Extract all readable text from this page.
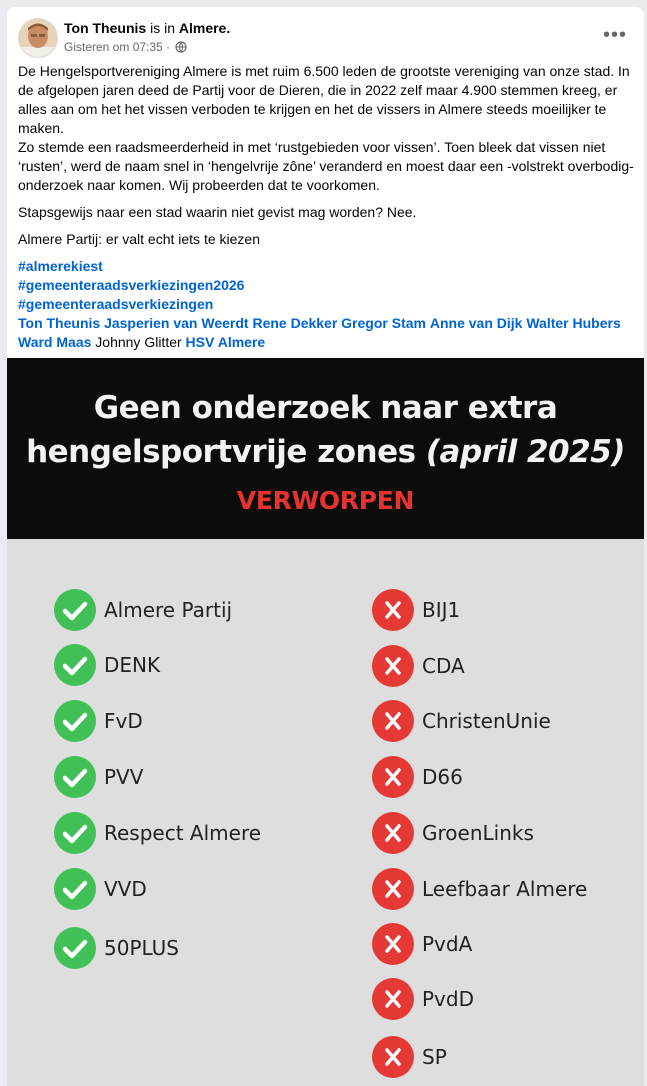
Ton Theunis is in Almere.
Gisteren om 07:35 ·
•••

De Hengelsportvereniging Almere is met ruim 6.500 leden de grootste vereniging van onze stad. In de afgelopen jaren deed de Partij voor de Dieren, die in 2022 zelf maar 4.900 stemmen kreeg, er alles aan om het het vissen verboden te krijgen en het de vissers in Almere steeds moeilijker te maken.
Zo stemde een raadsmeerderheid in met ‘rustgebieden voor vissen’. Toen bleek dat vissen niet ‘rusten’, werd de naam snel in ‘hengelvrije zône’ veranderd en moest daar een -volstrekt overbodig- onderzoek naar komen. Wij probeerden dat te voorkomen.

Stapsgewijs naar een stad waarin niet gevist mag worden? Nee.

Almere Partij: er valt echt iets te kiezen

#almerekiest
#gemeenteraadsverkiezingen2026
#gemeenteraadsverkiezingen
Ton Theunis Jasperien van Weerdt Rene Dekker Gregor Stam Anne van Dijk Walter Hubers Ward Maas Johnny Glitter HSV Almere
Geen onderzoek naar extra
hengelsportvrije zones (april 2025)
VERWORPEN
Almere Partij
DENK
FvD
PVV
Respect Almere
VVD
50PLUS
BIJ1
CDA
ChristenUnie
D66
GroenLinks
Leefbaar Almere
PvdA
PvdD
SP
